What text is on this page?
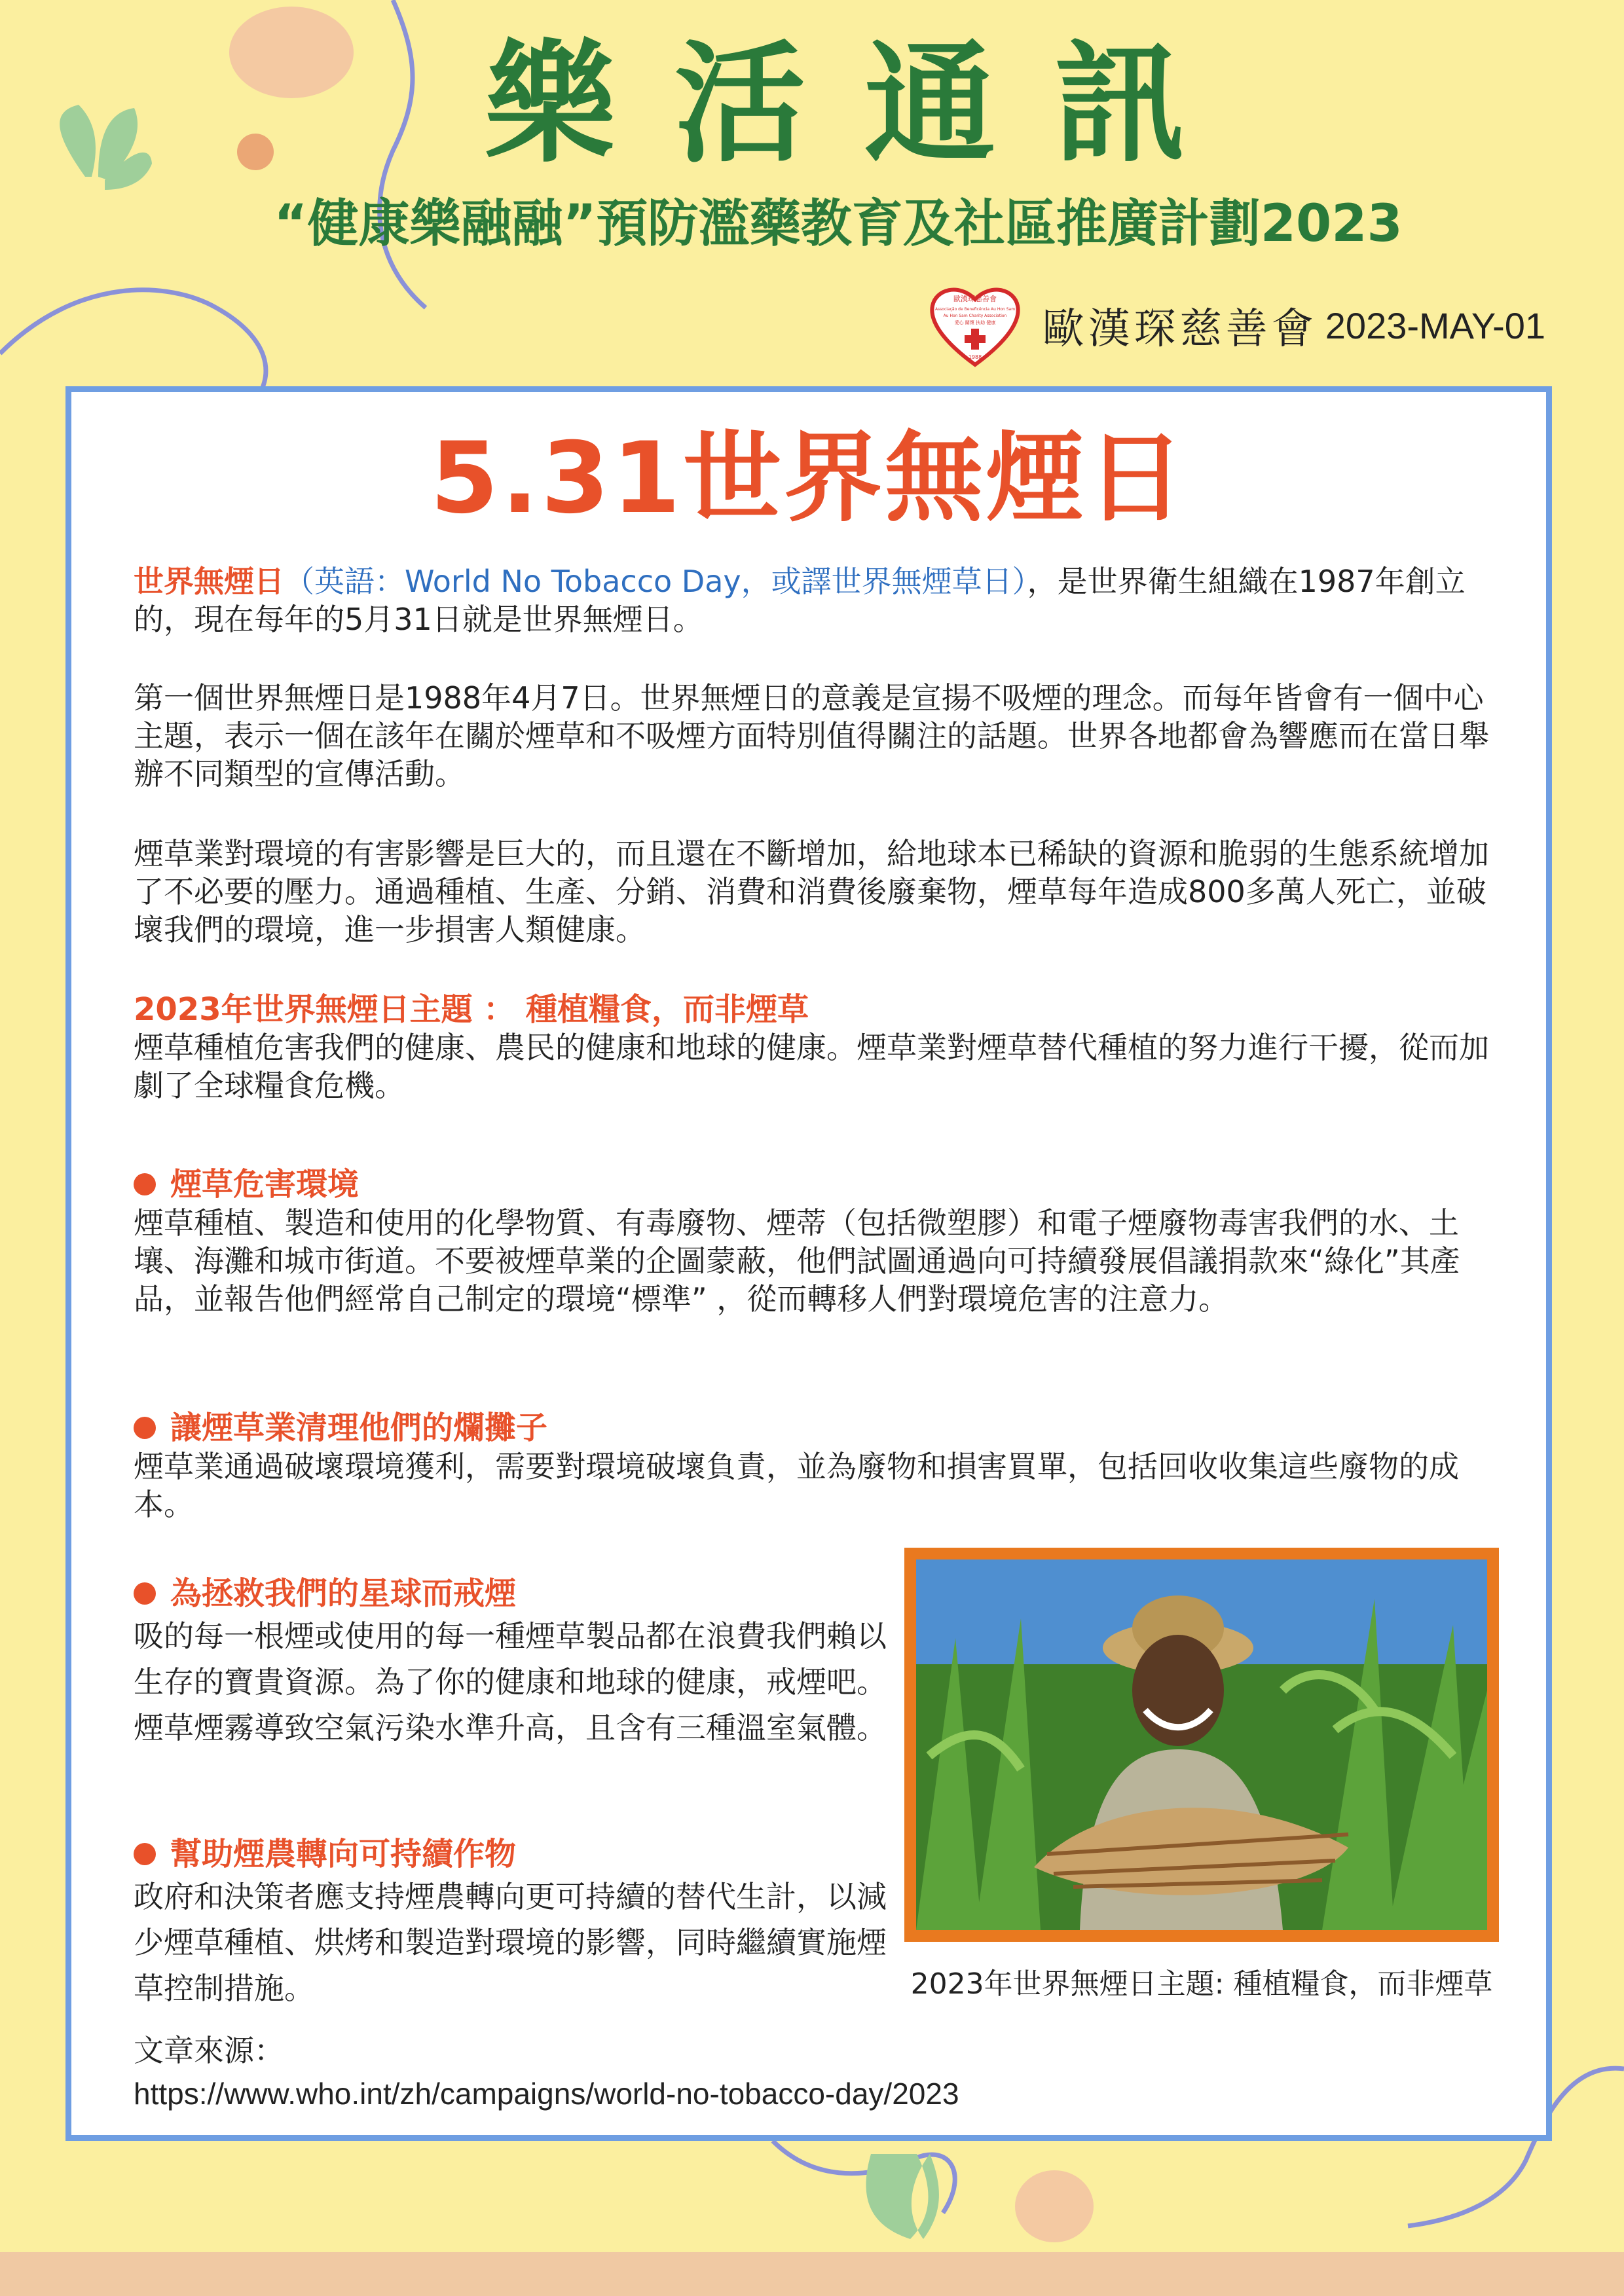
樂活通訊
“健康樂融融”預防濫藥教育及社區推廣計劃2023
歐漢琛慈善會
Associação de Beneficência Au Hon Sam
Au Hon Sam Charity Association
愛心 關懷 扶助 健康
1988
歐漢琛慈善會 2023-MAY-01
5.31世界無煙日

世界無煙日（英語：World No Tobacco Day，或譯世界無煙草日），是世界衛生組織在1987年創立的，現在每年的5月31日就是世界無煙日。

第一個世界無煙日是1988年4月7日。世界無煙日的意義是宣揚不吸煙的理念。而每年皆會有一個中心主題，表示一個在該年在關於煙草和不吸煙方面特別值得關注的話題。世界各地都會為響應而在當日舉辦不同類型的宣傳活動。
煙草業對環境的有害影響是巨大的，而且還在不斷增加，給地球本已稀缺的資源和脆弱的生態系統增加了不必要的壓力。通過種植、生產、分銷、消費和消費後廢棄物，煙草每年造成800多萬人死亡，並破壞我們的環境，進一步損害人類健康。
2023年世界無煙日主題 ： 種植糧食，而非煙草
煙草種植危害我們的健康、農民的健康和地球的健康。煙草業對煙草替代種植的努力進行干擾，從而加劇了全球糧食危機。
煙草危害環境
煙草種植、製造和使用的化學物質、有毒廢物、煙蒂（包括微塑膠）和電子煙廢物毒害我們的水、土壤、海灘和城市街道。不要被煙草業的企圖蒙蔽，他們試圖通過向可持續發展倡議捐款來“綠化”其產品，並報告他們經常自己制定的環境“標準” ，從而轉移人們對環境危害的注意力。
讓煙草業清理他們的爛攤子
煙草業通過破壞環境獲利，需要對環境破壞負責，並為廢物和損害買單，包括回收收集這些廢物的成本。
為拯救我們的星球而戒煙
吸的每一根煙或使用的每一種煙草製品都在浪費我們賴以生存的寶貴資源。為了你的健康和地球的健康，戒煙吧。煙草煙霧導致空氣污染水準升高，且含有三種溫室氣體。
幫助煙農轉向可持續作物
政府和決策者應支持煙農轉向更可持續的替代生計，以減少煙草種植、烘烤和製造對環境的影響，同時繼續實施煙草控制措施。	2023年世界無煙日主題: 種植糧食，而非煙草
文章來源：
https://www.who.int/zh/campaigns/world-no-tobacco-day/2023
